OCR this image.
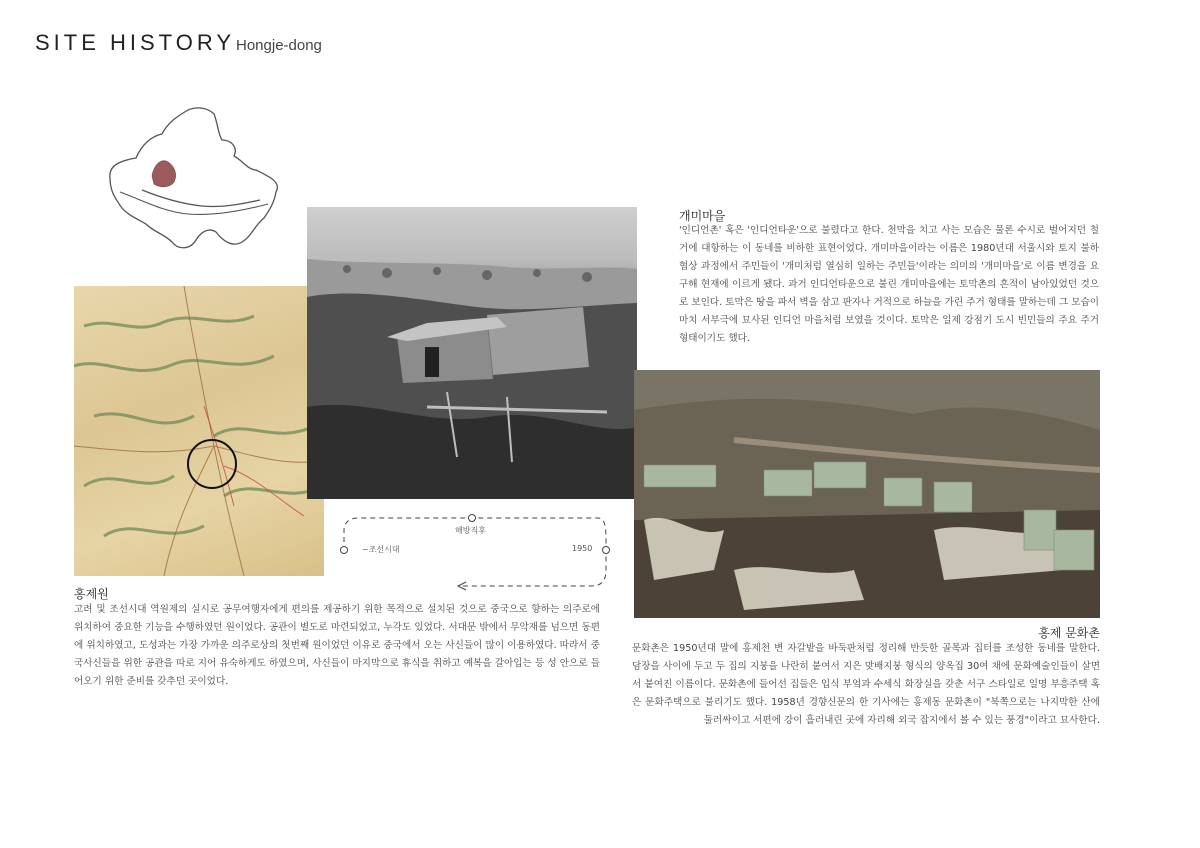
SITE HISTORY Hongje-dong
개미마을
'인디언촌' 혹은 '인디언타운'으로 불렸다고 한다. 천막을 치고 사는 모습은 물론 수시로 벌어지던 철거에 대항하는 이 동네를 비하한 표현이었다. 개미마을이라는 이름은 1980년대 서울시와 토지 불하 협상 과정에서 주민들이 '개미처럼 열심히 일하는 주민들'이라는 의미의 '개미마을'로 이름 변경을 요구해 현재에 이르게 됐다. 과거 인디언타운으로 불린 개미마을에는 토막촌의 흔적이 남아있었던 것으로 보인다. 토막은 땅을 파서 벽을 삼고 판자나 거적으로 하늘을 가린 주거 형태를 말하는데 그 모습이 마치 서부극에 묘사된 인디언 마을처럼 보였을 것이다. 토막은 일제 강점기 도시 빈민들의 주요 주거 형태이기도 했다.
~조선시대
해방직후
1950
홍제원
고려 및 조선시대 역원제의 실시로 공무여행자에게 편의를 제공하기 위한 목적으로 설치된 것으로 중국으로 향하는 의주로에 위치하여 중요한 기능을 수행하였던 원이었다. 공관이 별도로 마련되었고, 누각도 있었다. 서대문 밖에서 무악재를 넘으면 동편에 위치하였고, 도성과는 가장 가까운 의주로상의 첫번째 원이었던 이유로 중국에서 오는 사신들이 많이 이용하였다. 따라서 중국사신들을 위한 공관을 따로 지어 유숙하게도 하였으며, 사신들이 마지막으로 휴식을 취하고 예복을 갈아입는 등 성 안으로 들어오기 위한 준비를 갖추던 곳이었다.
홍제 문화촌
문화촌은 1950년대 말에 홍제천 변 자갈밭을 바둑판처럼 정리해 반듯한 골목과 집터를 조성한 동네를 말한다. 담장을 사이에 두고 두 집의 지붕을 나란히 붙여서 지은 맞배지붕 형식의 양옥집 30여 채에 문화예술인들이 살면서 붙여진 이름이다. 문화촌에 들어선 집들은 입식 부엌과 수세식 화장실을 갖춘 서구 스타일로 일명 부흥주택 혹은 문화주택으로 불리기도 했다. 1958년 경향신문의 한 기사에는 홍제동 문화촌이 "북쪽으로는 나지막한 산에 둘러싸이고 서편에 강이 흘러내린 곳에 자리해 외국 잡지에서 볼 수 있는 풍경"이라고 묘사한다.
